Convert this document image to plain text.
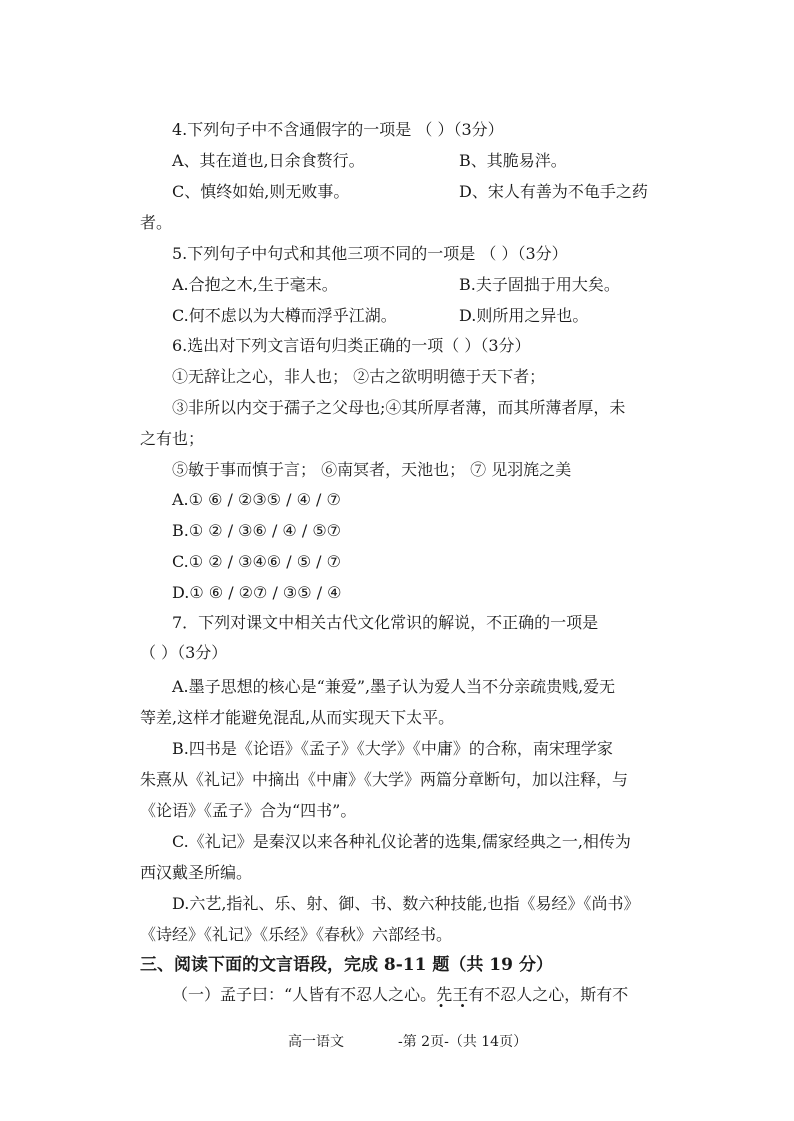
4.下列句子中不含通假字的一项是 （ ）（3分）
A、其在道也,日余食赘行。	B、其脆易泮。
C、慎终如始,则无败事。	D、宋人有善为不龟手之药
者。
5.下列句子中句式和其他三项不同的一项是 （ ）（3分）
A.合抱之木,生于毫末。	B.夫子固拙于用大矣。
C.何不虑以为大樽而浮乎江湖。	D.则所用之异也。
6.选出对下列文言语句归类正确的一项（ ）（3分）
①无辞让之心，非人也； ②古之欲明明德于天下者；
③非所以内交于孺子之父母也;④其所厚者薄，而其所薄者厚，未
之有也；
⑤敏于事而慎于言； ⑥南冥者，天池也； ⑦ 见羽旄之美
A.① ⑥ / ②③⑤ / ④ / ⑦
B.① ② / ③⑥ / ④ / ⑤⑦
C.① ② / ③④⑥ / ⑤ / ⑦
D.① ⑥ / ②⑦ / ③⑤ / ④
7．下列对课文中相关古代文化常识的解说，不正确的一项是
（ ）（3分）
A.墨子思想的核心是“兼爱”,墨子认为爱人当不分亲疏贵贱,爱无
等差,这样才能避免混乱,从而实现天下太平。
B.四书是《论语》《孟子》《大学》《中庸》的合称，南宋理学家
朱熹从《礼记》中摘出《中庸》《大学》两篇分章断句，加以注释，与
《论语》《孟子》合为“四书”。
C.《礼记》是秦汉以来各种礼仪论著的选集,儒家经典之一,相传为
西汉戴圣所编。
D.六艺,指礼、乐、射、御、书、数六种技能,也指《易经》《尚书》
《诗经》《礼记》《乐经》《春秋》六部经书。
三、阅读下面的文言语段，完成 8-11 题（共 19 分）
（一）孟子曰：“人皆有不忍人之心。先王 · ·有不忍人之心，斯有不
高一语文	-第 2页-（共 14页）
